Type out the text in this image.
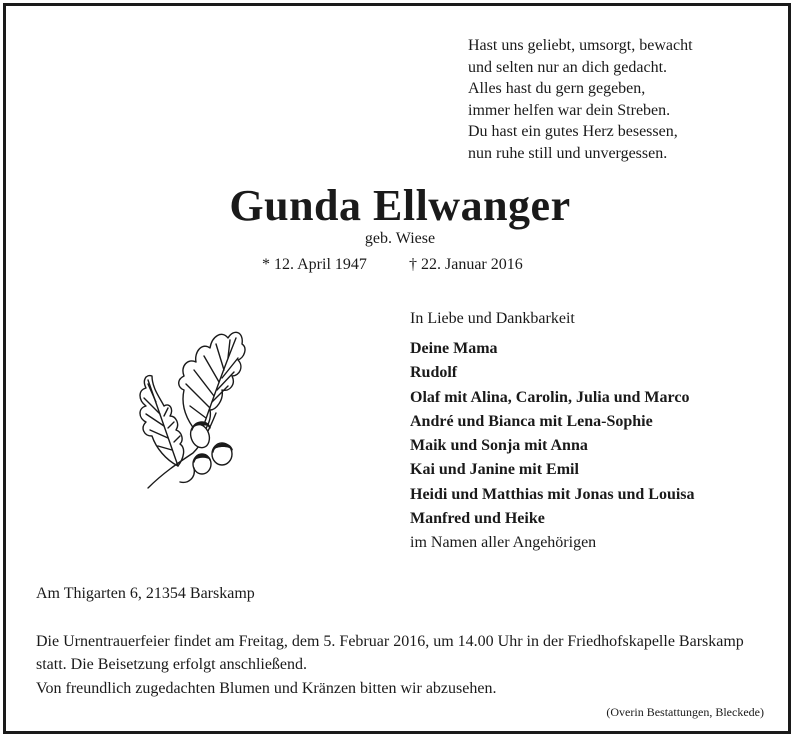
Hast uns geliebt, umsorgt, bewacht
und selten nur an dich gedacht.
Alles hast du gern gegeben,
immer helfen war dein Streben.
Du hast ein gutes Herz besessen,
nun ruhe still und unvergessen.
Gunda Ellwanger
geb. Wiese
* 12. April 1947	† 22. Januar 2016
In Liebe und Dankbarkeit
Deine Mama
Rudolf
Olaf mit Alina, Carolin, Julia und Marco
André und Bianca mit Lena-Sophie
Maik und Sonja mit Anna
Kai und Janine mit Emil
Heidi und Matthias mit Jonas und Louisa
Manfred und Heike
im Namen aller Angehörigen
Am Thigarten 6, 21354 Barskamp
Die Urnentrauerfeier findet am Freitag, dem 5. Februar 2016, um 14.00 Uhr in der Friedhofskapelle Barskamp statt. Die Beisetzung erfolgt anschließend.
Von freundlich zugedachten Blumen und Kränzen bitten wir abzusehen.
(Overin Bestattungen, Bleckede)
